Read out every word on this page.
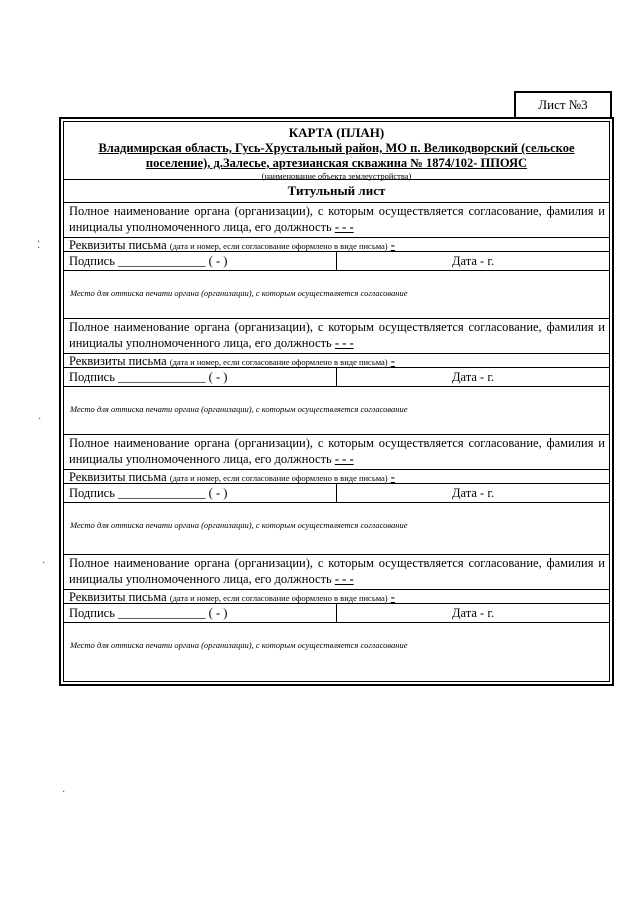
Лист №3
КАРТА (ПЛАН)
Владимирская область, Гусь-Хрустальный район, МО п. Великодворский (сельское поселение), д.Залесье, артезианская скважина № 1874/102- ППОЯС
(наименование объекта землеустройства)
Титульный лист
Полное наименование органа (организации), с которым осуществляется согласование, фамилия и инициалы уполномоченного лица, его должность - - -
Реквизиты письма (дата и номер, если согласование оформлено в виде письма) -
Подпись ______________ ( - )	Дата - г.
Место для оттиска печати органа (организации), с которым осуществляется согласование
Полное наименование органа (организации), с которым осуществляется согласование, фамилия и инициалы уполномоченного лица, его должность - - -
Реквизиты письма (дата и номер, если согласование оформлено в виде письма) -
Подпись ______________ ( - )	Дата - г.
Место для оттиска печати органа (организации), с которым осуществляется согласование
Полное наименование органа (организации), с которым осуществляется согласование, фамилия и инициалы уполномоченного лица, его должность - - -
Реквизиты письма (дата и номер, если согласование оформлено в виде письма) -
Подпись ______________ ( - )	Дата - г.
Место для оттиска печати органа (организации), с которым осуществляется согласование
Полное наименование органа (организации), с которым осуществляется согласование, фамилия и инициалы уполномоченного лица, его должность - - -
Реквизиты письма (дата и номер, если согласование оформлено в виде письма) -
Подпись ______________ ( - )	Дата - г.
Место для оттиска печати органа (организации), с которым осуществляется согласование
⁚
·
·
·
